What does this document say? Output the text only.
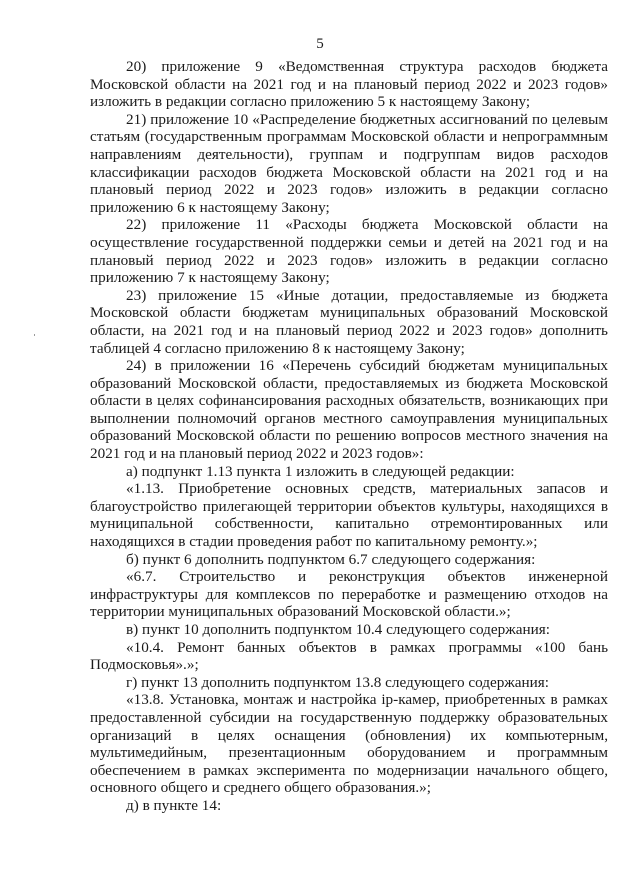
5

20) приложение 9 «Ведомственная структура расходов бюджета Московской области на 2021 год и на плановый период 2022 и 2023 годов» изложить в редакции согласно приложению 5 к настоящему Закону;

21) приложение 10 «Распределение бюджетных ассигнований по целевым статьям (государственным программам Московской области и непрограммным направлениям деятельности), группам и подгруппам видов расходов классификации расходов бюджета Московской области на 2021 год и на плановый период 2022 и 2023 годов» изложить в редакции согласно приложению 6 к настоящему Закону;

22) приложение 11 «Расходы бюджета Московской области на осуществление государственной поддержки семьи и детей на 2021 год и на плановый период 2022 и 2023 годов» изложить в редакции согласно приложению 7 к настоящему Закону;

23) приложение 15 «Иные дотации, предоставляемые из бюджета Московской области бюджетам муниципальных образований Московской области, на 2021 год и на плановый период 2022 и 2023 годов» дополнить таблицей 4 согласно приложению 8 к настоящему Закону;

24) в приложении 16 «Перечень субсидий бюджетам муниципальных образований Московской области, предоставляемых из бюджета Московской области в целях софинансирования расходных обязательств, возникающих при выполнении полномочий органов местного самоуправления муниципальных образований Московской области по решению вопросов местного значения на 2021 год и на плановый период 2022 и 2023 годов»:

а) подпункт 1.13 пункта 1 изложить в следующей редакции:

«1.13. Приобретение основных средств, материальных запасов и благоустройство прилегающей территории объектов культуры, находящихся в муниципальной собственности, капитально отремонтированных или находящихся в стадии проведения работ по капитальному ремонту.»;

б) пункт 6 дополнить подпунктом 6.7 следующего содержания:

«6.7. Строительство и реконструкция объектов инженерной инфраструктуры для комплексов по переработке и размещению отходов на территории муниципальных образований Московской области.»;

в) пункт 10 дополнить подпунктом 10.4 следующего содержания:

«10.4. Ремонт банных объектов в рамках программы «100 бань Подмосковья».»;

г) пункт 13 дополнить подпунктом 13.8 следующего содержания:

«13.8. Установка, монтаж и настройка ip-камер, приобретенных в рамках предоставленной субсидии на государственную поддержку образовательных организаций в целях оснащения (обновления) их компьютерным, мультимедийным, презентационным оборудованием и программным обеспечением в рамках эксперимента по модернизации начального общего, основного общего и среднего общего образования.»;

д) в пункте 14:
